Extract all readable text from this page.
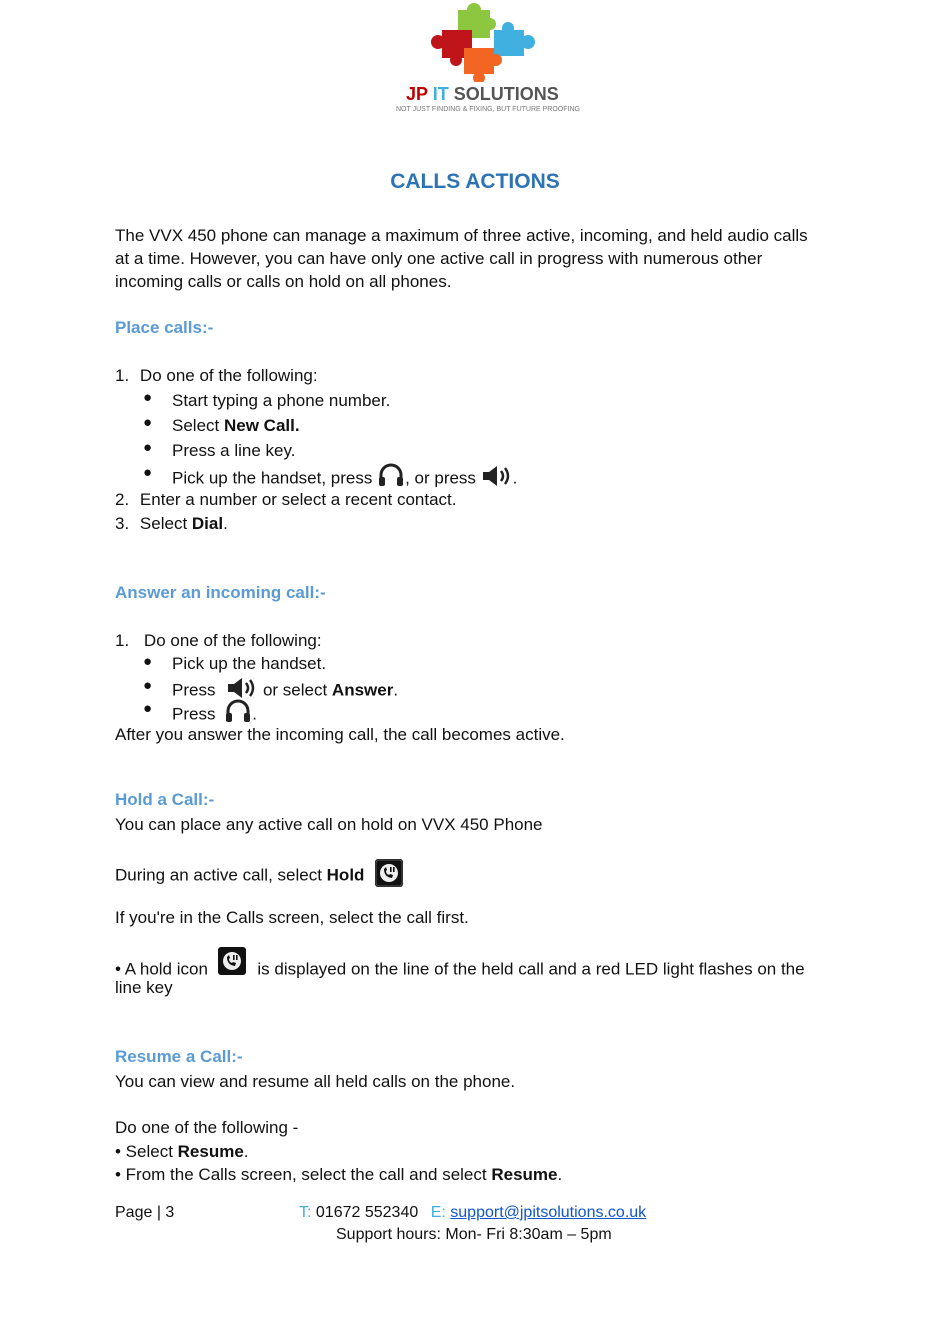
JP IT SOLUTIONS
NOT JUST FINDING & FIXING, BUT FUTURE PROOFING
CALLS ACTIONS
The VVX 450 phone can manage a maximum of three active, incoming, and held audio calls
at a time. However, you can have only one active call in progress with numerous other
incoming calls or calls on hold on all phones.
Place calls:-
1. Do one of the following:
● Start typing a phone number.
● Select New Call.
● Press a line key.
● Pick up the handset, press , or press .
2. Enter a number or select a recent contact.
3. Select Dial.
Answer an incoming call:-
1. Do one of the following:
● Pick up the handset.
● Press	or select Answer.
● Press .
After you answer the incoming call, the call becomes active.
Hold a Call:-
You can place any active call on hold on VVX 450 Phone
During an active call, select Hold
If you're in the Calls screen, select the call first.
• A hold icon	is displayed on the line of the held call and a red LED light flashes on the
line key
Resume a Call:-
You can view and resume all held calls on the phone.
Do one of the following -
• Select Resume.
• From the Calls screen, select the call and select Resume.
Page | 3	T: 01672 552340 E: support@jpitsolutions.co.uk
Support hours: Mon- Fri 8:30am – 5pm
